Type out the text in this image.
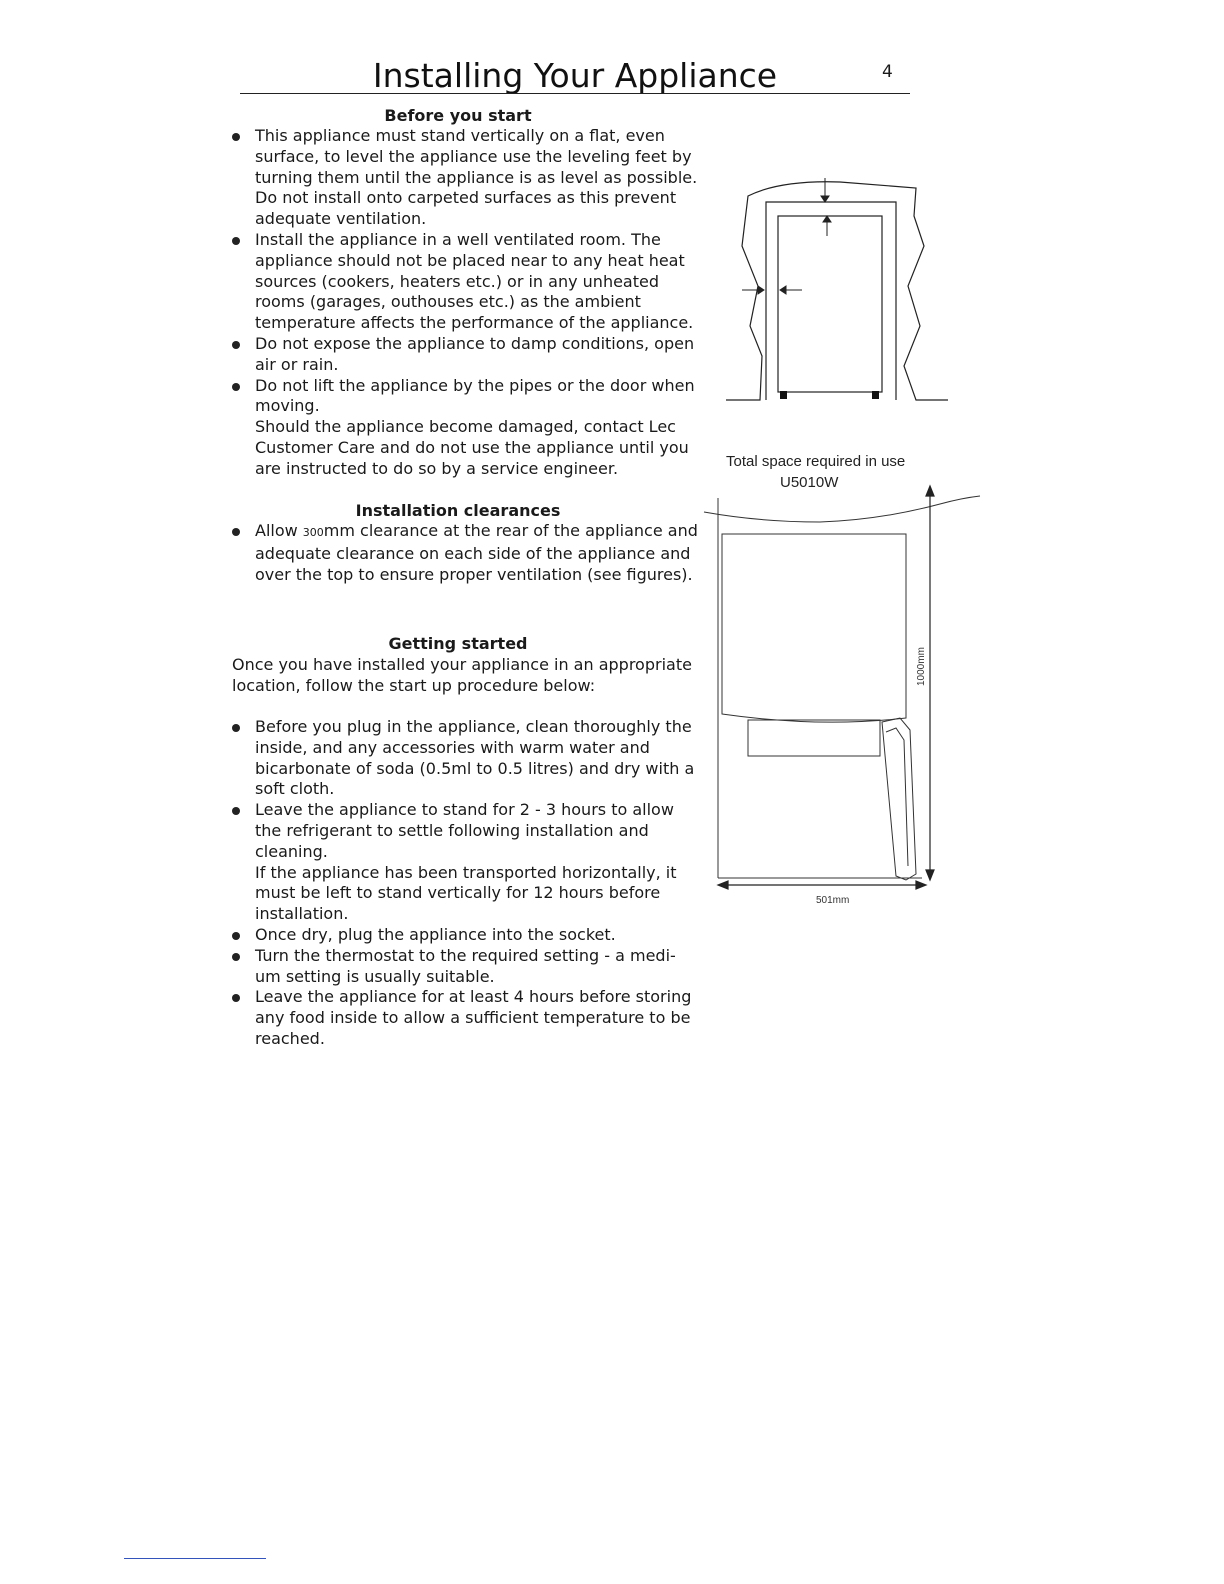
Installing Your Appliance	4
Before you start
This appliance must stand vertically on a flat, even
surface, to level the appliance use the leveling feet by
turning them until the appliance is as level as possible.
Do not install onto carpeted surfaces as this prevent
adequate ventilation.
Install the appliance in a well ventilated room. The
appliance should not be placed near to any heat heat
sources (cookers, heaters etc.) or in any unheated
rooms (garages, outhouses etc.) as the ambient
temperature affects the performance of the appliance.
Do not expose the appliance to damp conditions, open
air or rain.
Do not lift the appliance by the pipes or the door when
moving.
Should the appliance become damaged, contact Lec
Customer Care and do not use the appliance until you
are instructed to do so by a service engineer.
Installation clearances
Allow 300mm clearance at the rear of the appliance and
adequate clearance on each side of the appliance and
over the top to ensure proper ventilation (see figures).
Getting started
Once you have installed your appliance in an appropriate
location, follow the start up procedure below:
Before you plug in the appliance, clean thoroughly the
inside, and any accessories with warm water and
bicarbonate of soda (0.5ml to 0.5 litres) and dry with a
soft cloth.
Leave the appliance to stand for 2 - 3 hours to allow
the refrigerant to settle following installation and
cleaning.
If the appliance has been transported horizontally, it
must be left to stand vertically for 12 hours before
installation.
Once dry, plug the appliance into the socket.
Turn the thermostat to the required setting - a medi-
um setting is usually suitable.
Leave the appliance for at least 4 hours before storing
any food inside to allow a sufficient temperature to be
reached.
Total space required in use
U5010W
1000mm
501mm
